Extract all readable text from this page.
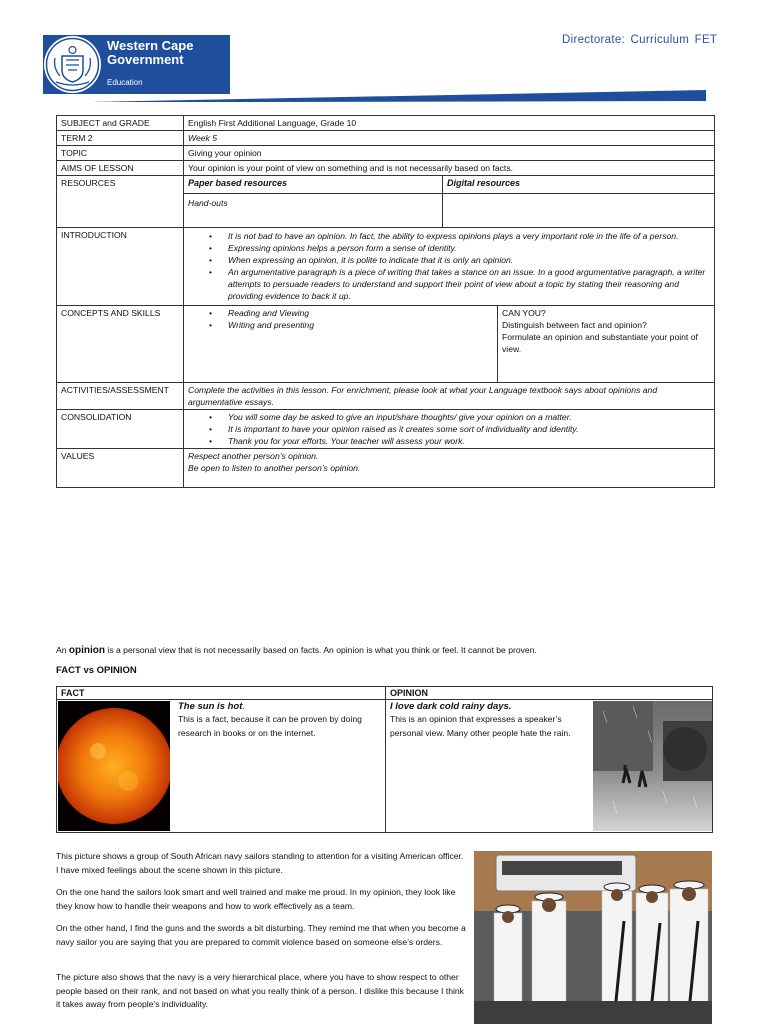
Western Cape
Government
Education
Directorate: Curriculum FET
SUBJECT and GRADE	English First Additional Language, Grade 10
TERM 2	Week 5
TOPIC	Giving your opinion
AIMS OF LESSON	Your opinion is your point of view on something and is not necessarily based on facts.
RESOURCES		Paper based resources	Digital resources
Hand-outs	

INTRODUCTION	
•It is not bad to have an opinion. In fact, the ability to express opinions plays a very important role in the life of a person.
• Expressing opinions helps a person form a sense of identity.
• When expressing an opinion, it is polite to indicate that it is only an opinion.
• An argumentative paragraph is a piece of writing that takes a stance on an issue. In a good argumentative paragraph, a writer attempts to persuade readers to understand and support their point of view about a topic by stating their reasoning and providing evidence to back it up.

CONCEPTS AND SKILLS	
•	Reading and Viewing
• Writing and presenting

CAN YOU?
Distinguish between fact and opinion?
Formulate an opinion and substantiate your point of view.

ACTIVITIES/ASSESSMENT	Complete the activities in this lesson. For enrichment, please look at what your Language textbook says about opinions and argumentative essays.
CONSOLIDATION	
•You will some day be asked to give an input/share thoughts/ give your opinion on a matter.
• It is important to have your opinion raised as it creates some sort of individuality and identity.
• Thank you for your efforts. Your teacher will assess your work.

VALUES	Respect another person’s opinion.
Be open to listen to another person’s opinion.
An opinion is a personal view that is not necessarily based on facts. An opinion is what you think or feel. It cannot be proven.
FACT vs OPINION
FACT	OPINION
The sun is hot.
This is a fact, because it can be proven by doing research in books or on the internet.
I love dark cold rainy days.
This is an opinion that expresses a speaker’s personal view. Many other people hate the rain.
This picture shows a group of South African navy sailors standing to attention for a visiting American officer. I have mixed feelings about the scene shown in this picture.
On the one hand the sailors look smart and well trained and make me proud. In my opinion, they look like they know how to handle their weapons and how to work effectively as a team.
On the other hand, I find the guns and the swords a bit disturbing. They remind me that when you become a navy sailor you are saying that you are prepared to commit violence based on someone else’s orders.
The picture also shows that the navy is a very hierarchical place, where you have to show respect to other people based on their rank, and not based on what you really think of a person. I dislike this because I think it takes away from people’s individuality.
